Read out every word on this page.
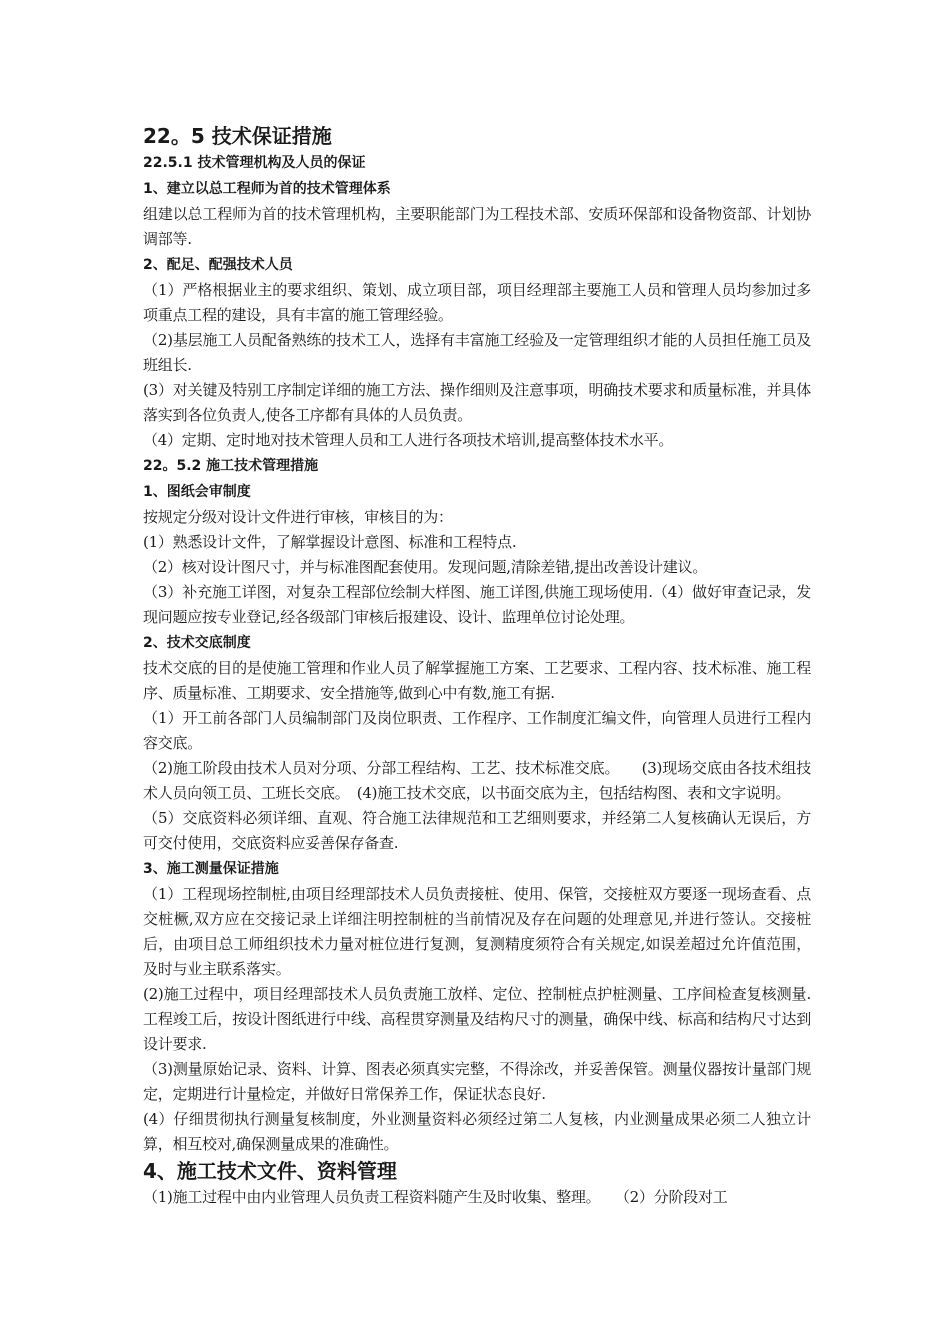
22。5 技术保证措施
22.5.1 技术管理机构及人员的保证
1、建立以总工程师为首的技术管理体系
组建以总工程师为首的技术管理机构，主要职能部门为工程技术部、安质环保部和设备物资部、计划协调部等.
2、配足、配强技术人员
（1）严格根据业主的要求组织、策划、成立项目部，项目经理部主要施工人员和管理人员均参加过多项重点工程的建设，具有丰富的施工管理经验。
（2)基层施工人员配备熟练的技术工人，选择有丰富施工经验及一定管理组织才能的人员担任施工员及班组长.
(3）对关键及特别工序制定详细的施工方法、操作细则及注意事项，明确技术要求和质量标准，并具体落实到各位负责人,使各工序都有具体的人员负责。
（4）定期、定时地对技术管理人员和工人进行各项技术培训,提高整体技术水平。
22。5.2 施工技术管理措施
1、图纸会审制度
按规定分级对设计文件进行审核，审核目的为：
(1）熟悉设计文件，了解掌握设计意图、标准和工程特点.
（2）核对设计图尺寸，并与标准图配套使用。发现问题,清除差错,提出改善设计建议。
（3）补充施工详图，对复杂工程部位绘制大样图、施工详图,供施工现场使用.（4）做好审查记录，发现问题应按专业登记,经各级部门审核后报建设、设计、监理单位讨论处理。
2、技术交底制度
技术交底的目的是使施工管理和作业人员了解掌握施工方案、工艺要求、工程内容、技术标准、施工程序、质量标准、工期要求、安全措施等,做到心中有数,施工有据.
（1）开工前各部门人员编制部门及岗位职责、工作程序、工作制度汇编文件，向管理人员进行工程内容交底。
（2)施工阶段由技术人员对分项、分部工程结构、工艺、技术标准交底。　　(3)现场交底由各技术组技术人员向领工员、工班长交底。　(4)施工技术交底，以书面交底为主，包括结构图、表和文字说明。
（5）交底资料必须详细、直观、符合施工法律规范和工艺细则要求，并经第二人复核确认无误后，方可交付使用，交底资料应妥善保存备查.
3、施工测量保证措施
（1）工程现场控制桩,由项目经理部技术人员负责接桩、使用、保管，交接桩双方要逐一现场查看、点交桩橛,双方应在交接记录上详细注明控制桩的当前情况及存在问题的处理意见,并进行签认。交接桩后，由项目总工师组织技术力量对桩位进行复测，复测精度须符合有关规定,如误差超过允许值范围，及时与业主联系落实。
(2)施工过程中，项目经理部技术人员负责施工放样、定位、控制桩点护桩测量、工序间检查复核测量.工程竣工后，按设计图纸进行中线、高程贯穿测量及结构尺寸的测量，确保中线、标高和结构尺寸达到设计要求.
（3)测量原始记录、资料、计算、图表必须真实完整，不得涂改，并妥善保管。测量仪器按计量部门规定，定期进行计量检定，并做好日常保养工作，保证状态良好.
(4）仔细贯彻执行测量复核制度，外业测量资料必须经过第二人复核，内业测量成果必须二人独立计算，相互校对,确保测量成果的准确性。
4、施工技术文件、资料管理
（1)施工过程中由内业管理人员负责工程资料随产生及时收集、整理。　　（2）分阶段对工
